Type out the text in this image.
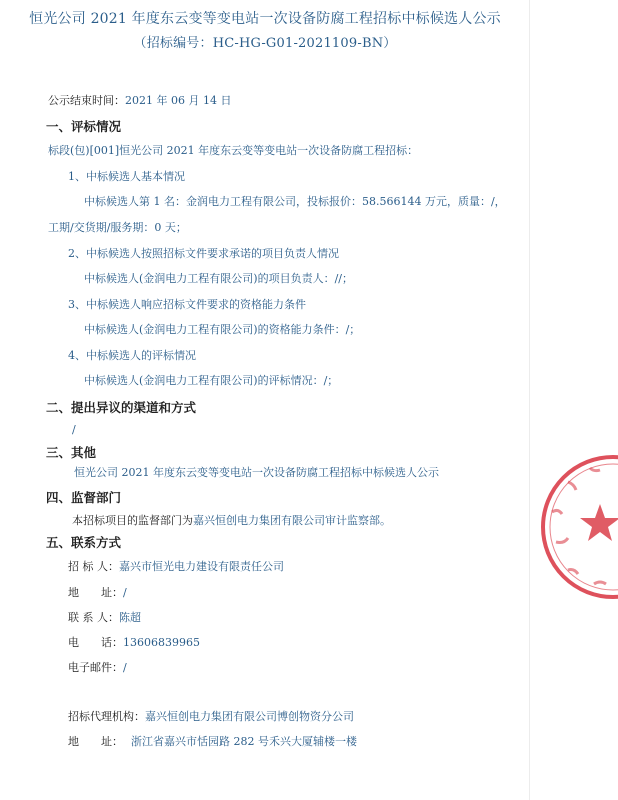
恒光公司 2021 年度东云变等变电站一次设备防腐工程招标中标候选人公示
（招标编号：HC-HG-G01-2021109-BN）
公示结束时间：2021 年 06 月 14 日
一、评标情况
标段(包)[001]恒光公司 2021 年度东云变等变电站一次设备防腐工程招标：
1、中标候选人基本情况
中标候选人第 1 名：金润电力工程有限公司，投标报价：58.566144 万元，质量：/，
工期/交货期/服务期：0 天；
2、中标候选人按照招标文件要求承诺的项目负责人情况
中标候选人(金润电力工程有限公司)的项目负责人：//；
3、中标候选人响应招标文件要求的资格能力条件
中标候选人(金润电力工程有限公司)的资格能力条件：/；
4、中标候选人的评标情况
中标候选人(金润电力工程有限公司)的评标情况：/；
二、提出异议的渠道和方式
/
三、其他
恒光公司 2021 年度东云变等变电站一次设备防腐工程招标中标候选人公示
四、监督部门
本招标项目的监督部门为嘉兴恒创电力集团有限公司审计监察部。
五、联系方式
招 标 人：嘉兴市恒光电力建设有限责任公司
地　　址：/
联 系 人：陈超
电　　话：13606839965
电子邮件：/
招标代理机构：嘉兴恒创电力集团有限公司博创物资分公司
地　　址： 浙江省嘉兴市恬园路 282 号禾兴大厦辅楼一楼
